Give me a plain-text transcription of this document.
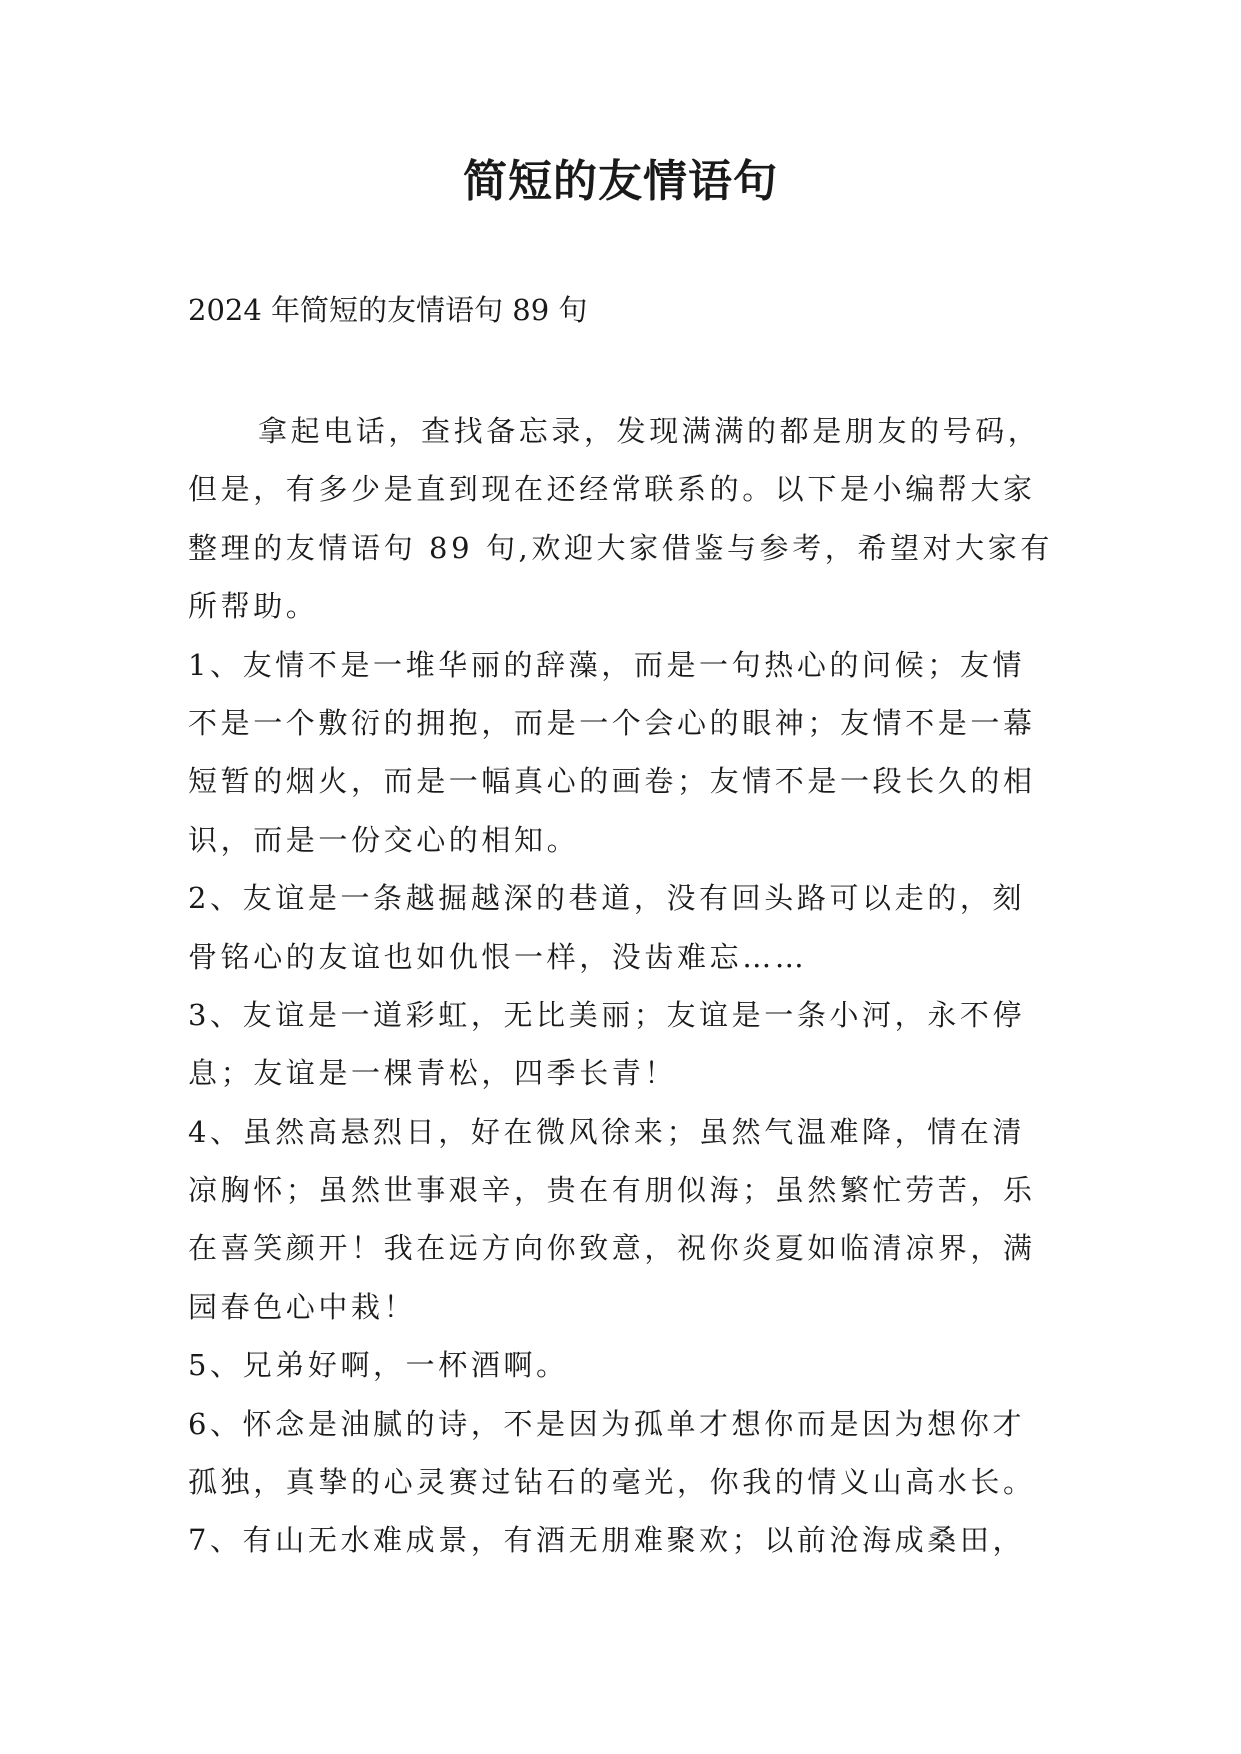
简短的友情语句
2024 年简短的友情语句 89 句
拿起电话，查找备忘录，发现满满的都是朋友的号码，
但是，有多少是直到现在还经常联系的。以下是小编帮大家
整理的友情语句 89 句,欢迎大家借鉴与参考，希望对大家有
所帮助。
1、友情不是一堆华丽的辞藻，而是一句热心的问候；友情
不是一个敷衍的拥抱，而是一个会心的眼神；友情不是一幕
短暂的烟火，而是一幅真心的画卷；友情不是一段长久的相
识，而是一份交心的相知。
2、友谊是一条越掘越深的巷道，没有回头路可以走的，刻
骨铭心的友谊也如仇恨一样，没齿难忘……
3、友谊是一道彩虹，无比美丽；友谊是一条小河，永不停
息；友谊是一棵青松，四季长青！
4、虽然高悬烈日，好在微风徐来；虽然气温难降，情在清
凉胸怀；虽然世事艰辛，贵在有朋似海；虽然繁忙劳苦，乐
在喜笑颜开！我在远方向你致意，祝你炎夏如临清凉界，满
园春色心中栽！
5、兄弟好啊，一杯酒啊。
6、怀念是油腻的诗，不是因为孤单才想你而是因为想你才
孤独，真挚的心灵赛过钻石的毫光，你我的情义山高水长。
7、有山无水难成景，有酒无朋难聚欢；以前沧海成桑田，
